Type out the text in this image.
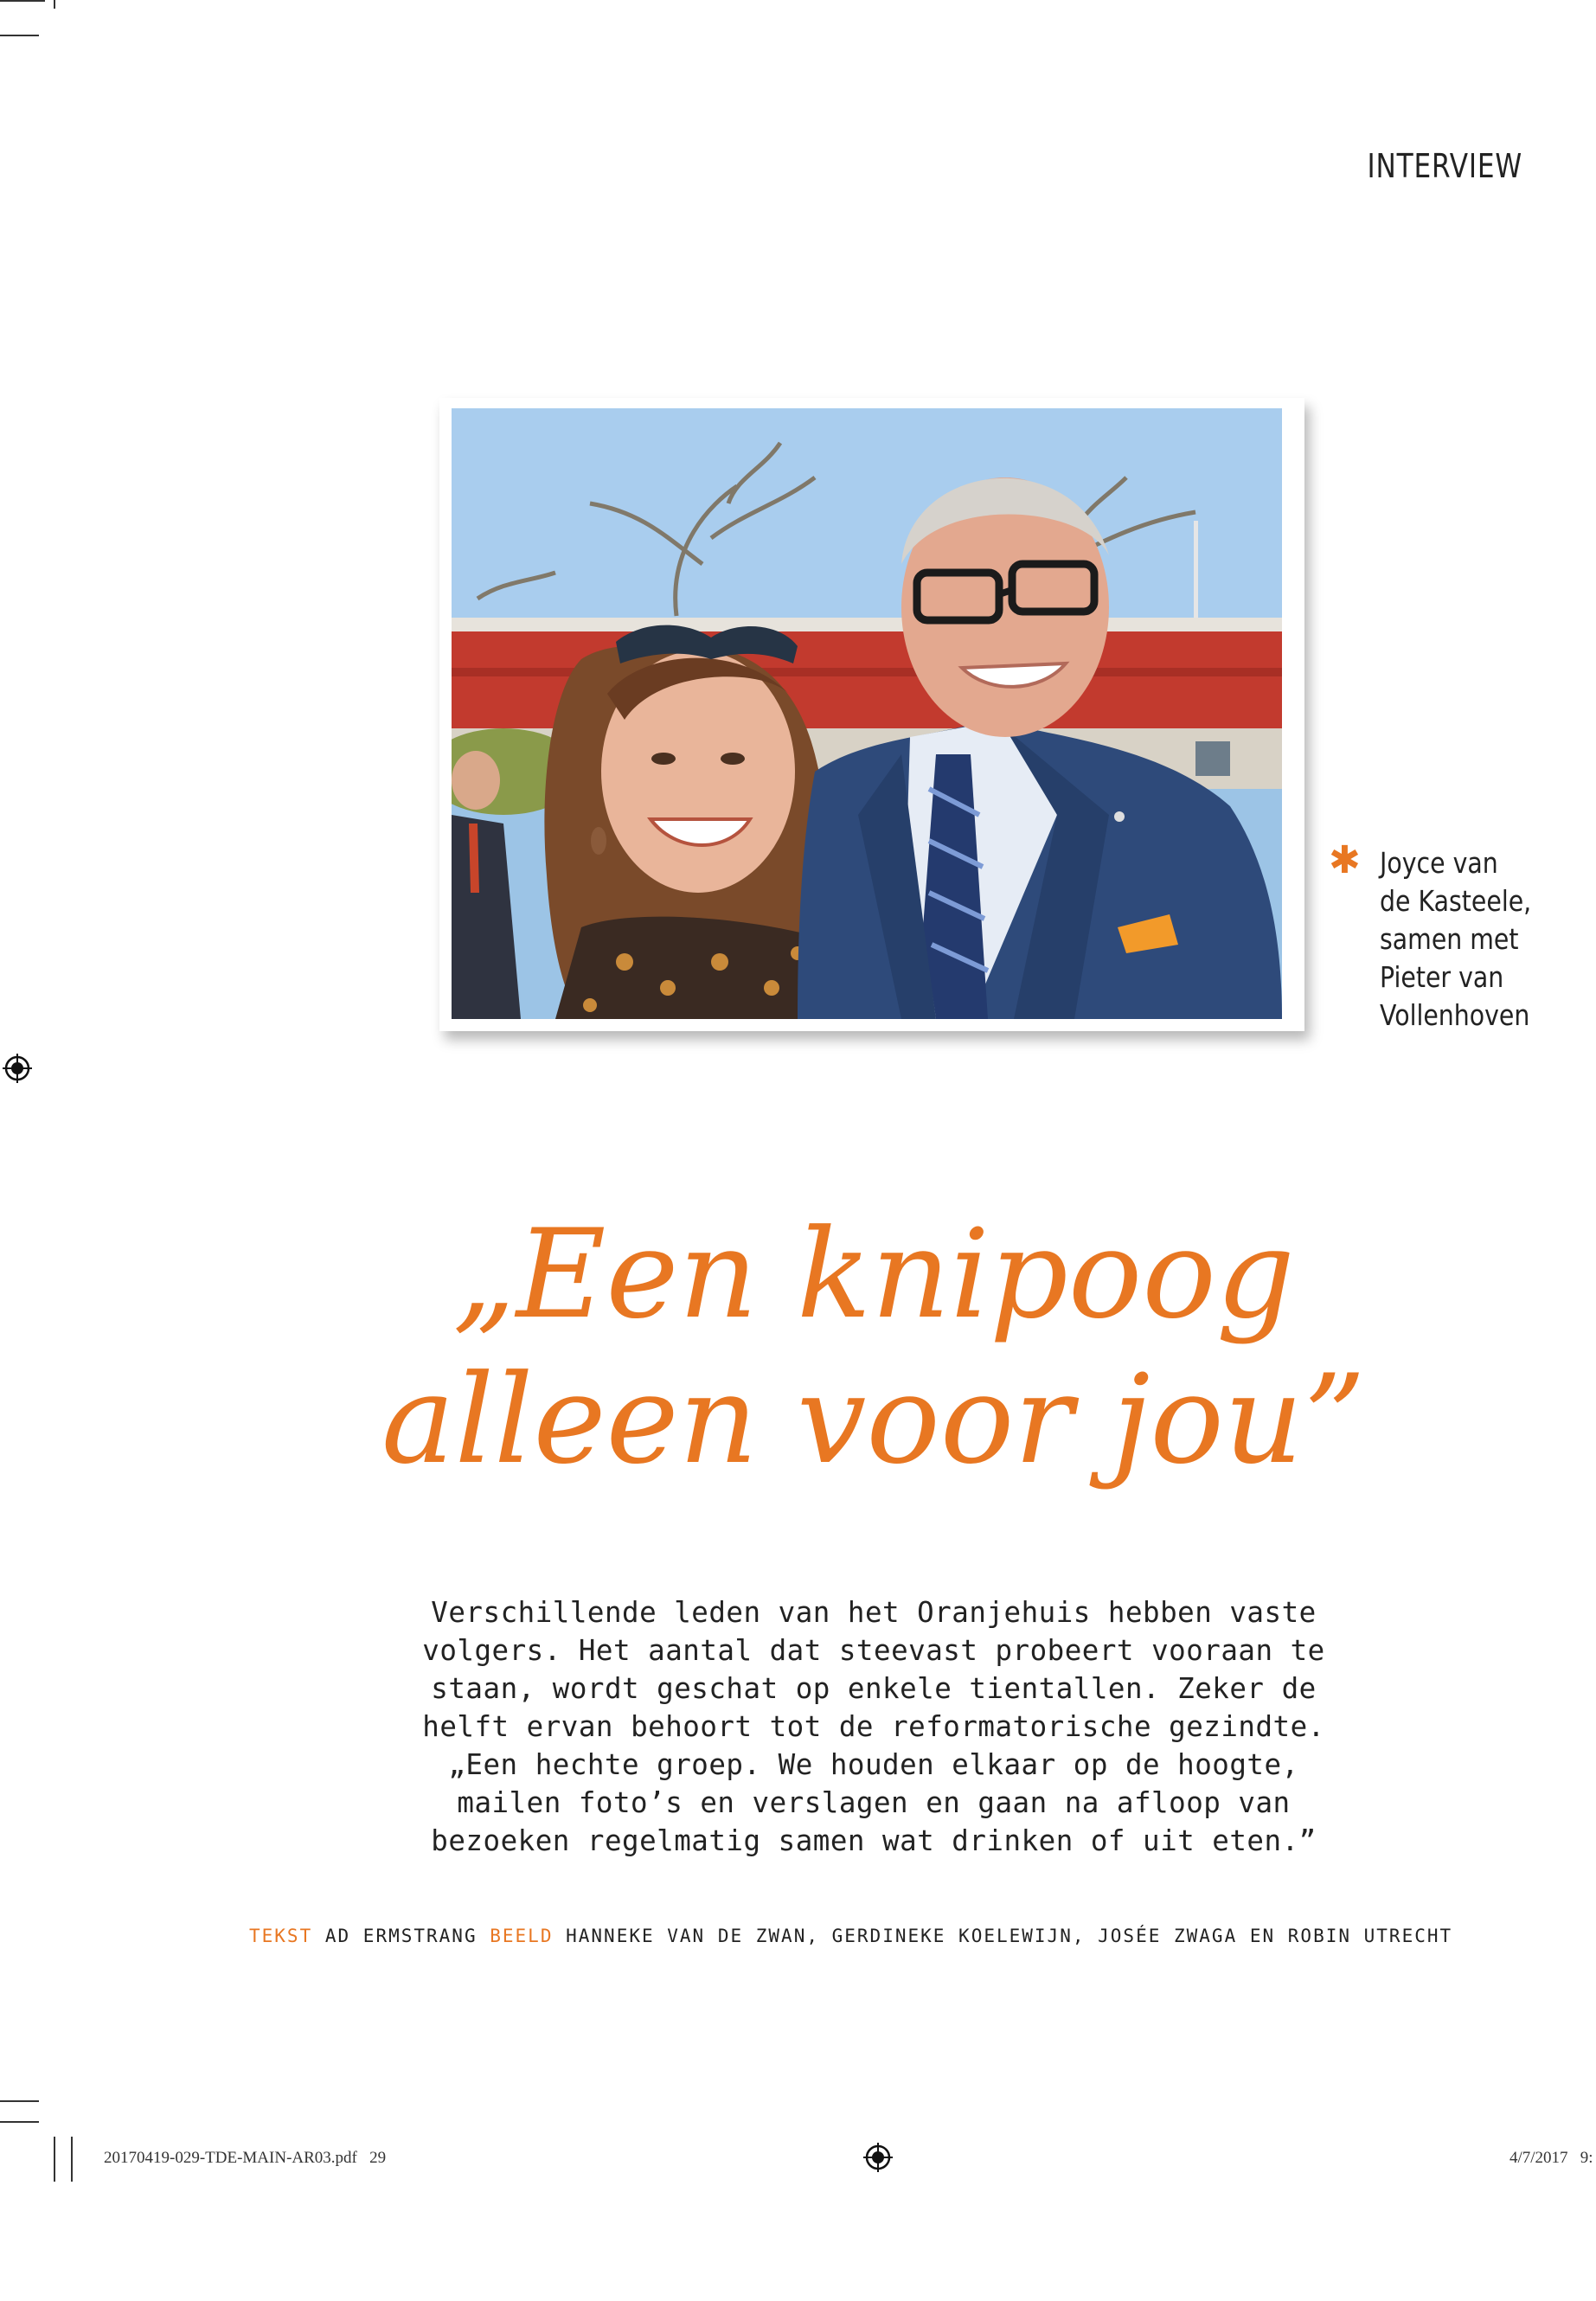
INTERVIEW
✱ Joyce van
de Kasteele,
samen met
Pieter van
Vollenhoven
„Een knipoog
alleen voor jou”
Verschillende leden van het Oranjehuis hebben vaste
volgers. Het aantal dat steevast probeert vooraan te
staan, wordt geschat op enkele tientallen. Zeker de
helft ervan behoort tot de reformatorische gezindte.
„Een hechte groep. We houden elkaar op de hoogte,
mailen foto’s en verslagen en gaan na afloop van
bezoeken regelmatig samen wat drinken of uit eten.”
TEKST AD ERMSTRANG BEELD HANNEKE VAN DE ZWAN, GERDINEKE KOELEWIJN, JOSÉE ZWAGA EN ROBIN UTRECHT
20170419-029-TDE-MAIN-AR03.pdf   29	4/7/2017   9:
